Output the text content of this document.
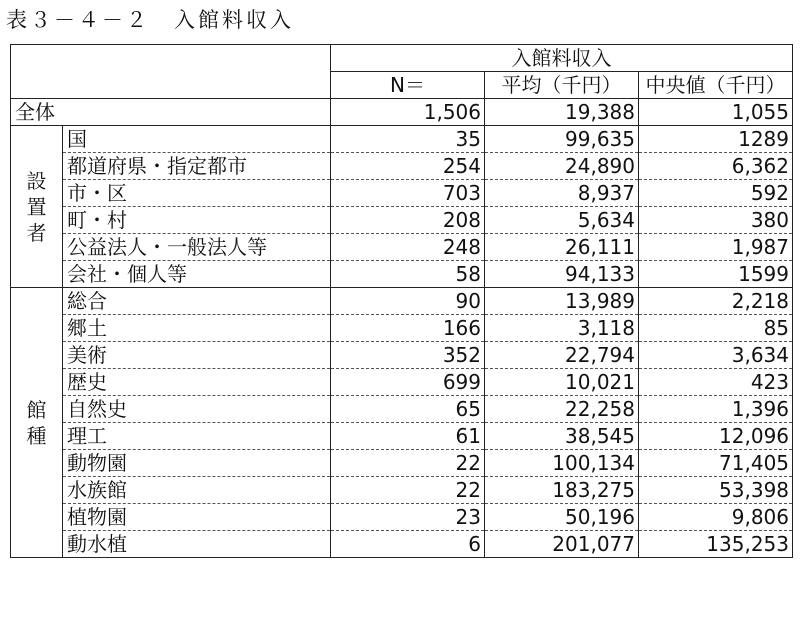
表３－４－２　入館料収入
		入館料収入		
		N＝	平均（千円）	中央値（千円）
全体		1,506	19,388	1,055
設置者	国	35	99,635	1289
	都道府県・指定都市	254	24,890	6,362
	市・区	703	8,937	592
	町・村	208	5,634	380
	公益法人・一般法人等	248	26,111	1,987
	会社・個人等	58	94,133	1599
館種	総合	90	13,989	2,218
	郷土	166	3,118	85
	美術	352	22,794	3,634
	歴史	699	10,021	423
	自然史	65	22,258	1,396
	理工	61	38,545	12,096
	動物園	22	100,134	71,405
	水族館	22	183,275	53,398
	植物園	23	50,196	9,806
	動水植	6	201,077	135,253
